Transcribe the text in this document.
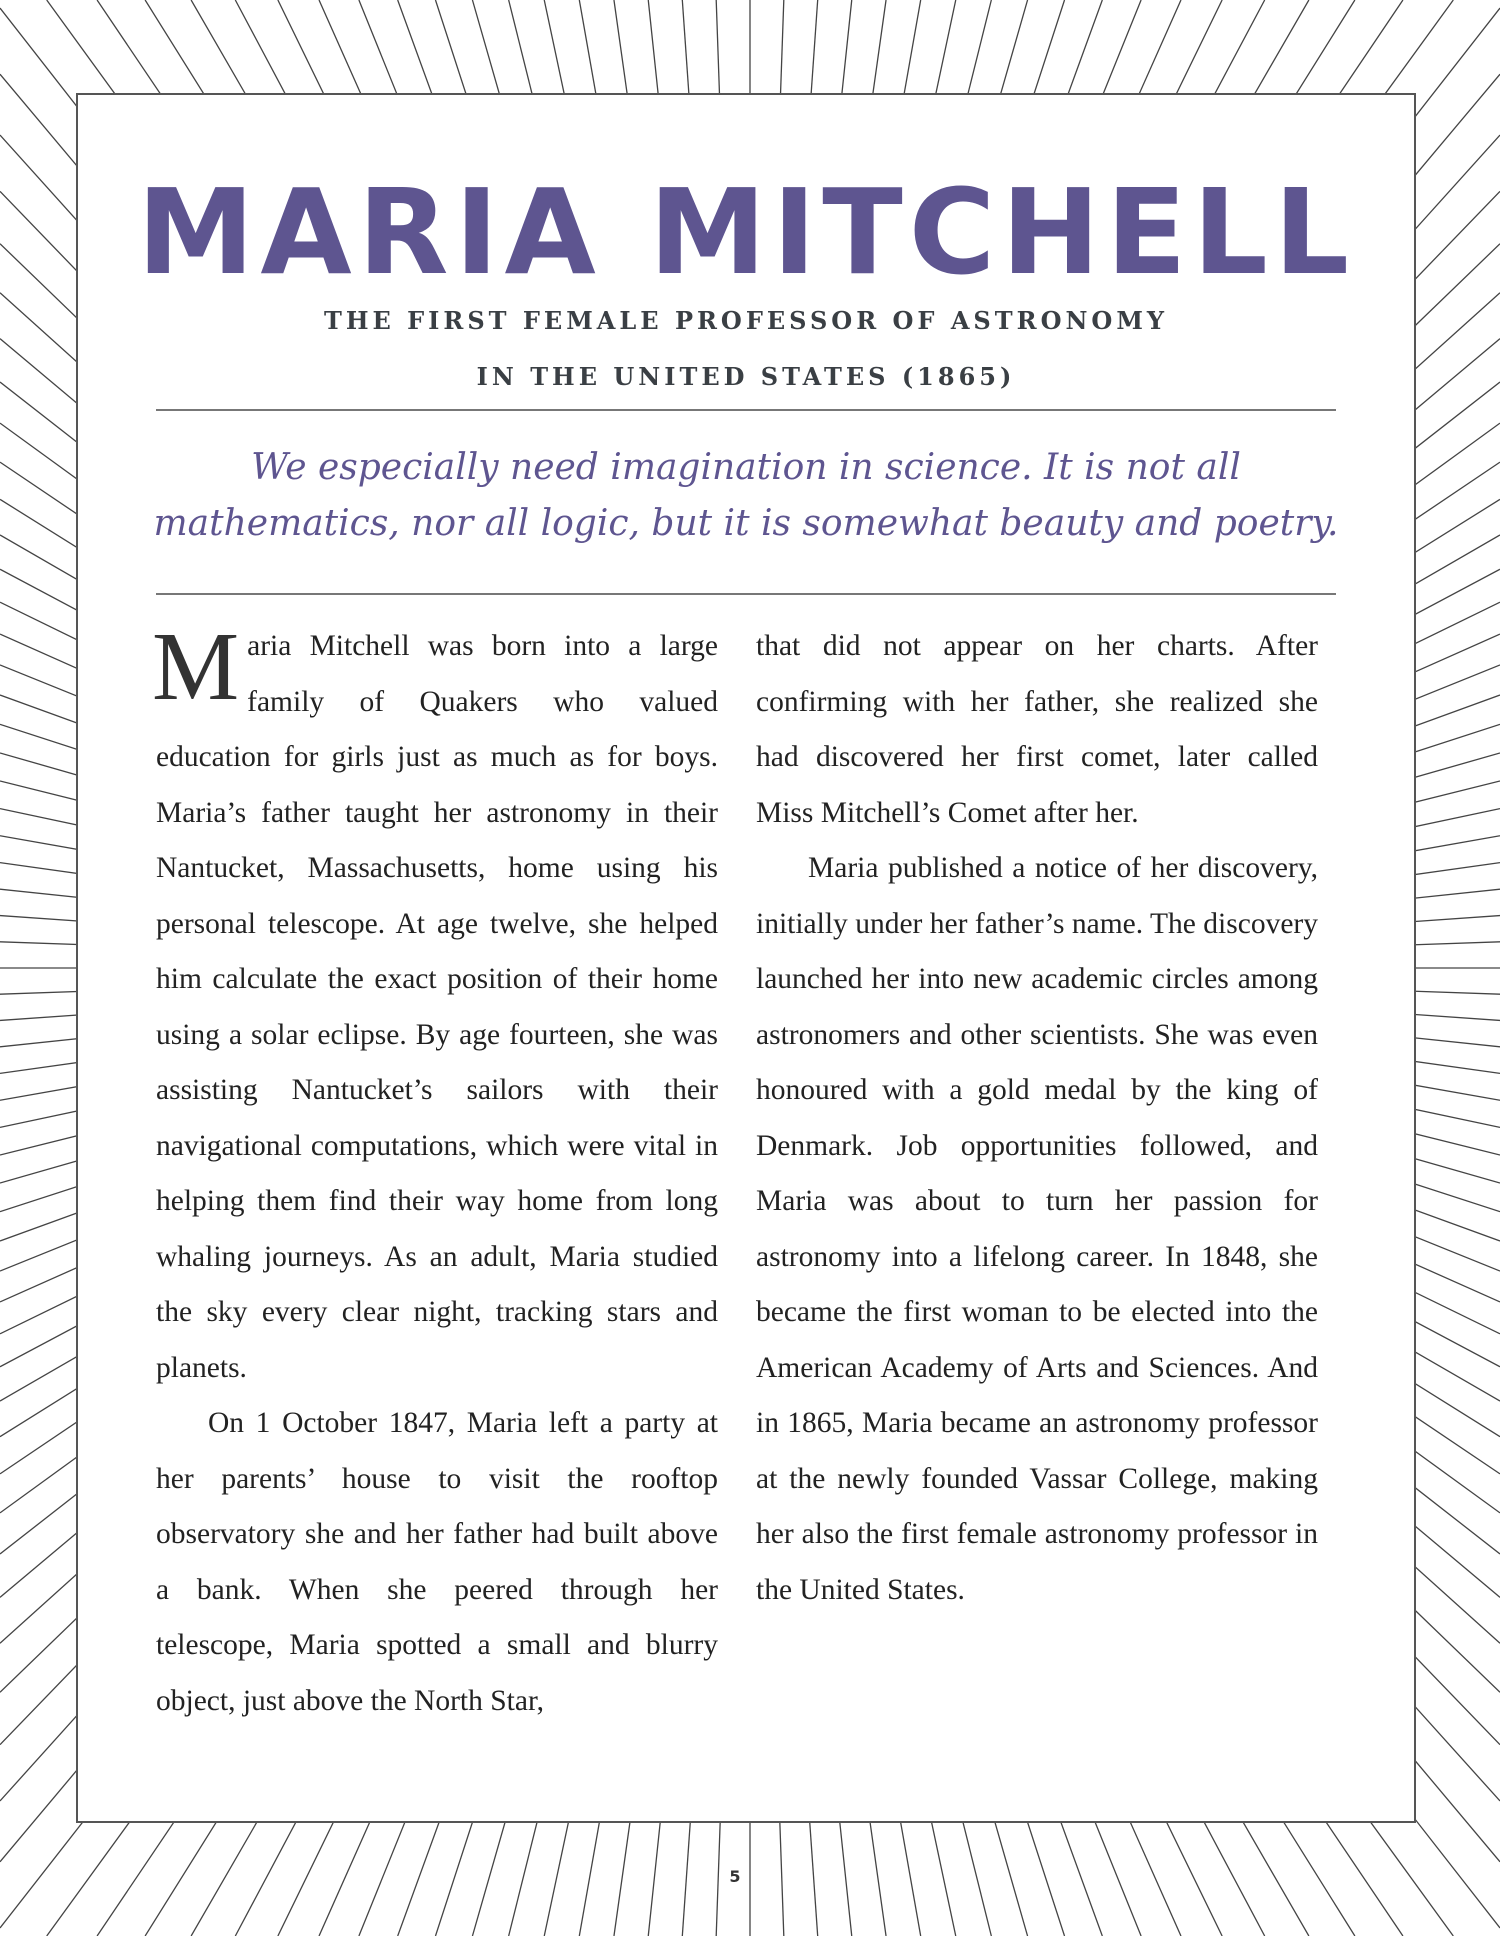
MARIA MITCHELL
THE FIRST FEMALE PROFESSOR OF ASTRONOMY
IN THE UNITED STATES (1865)

We especially need imagination in science. It is not all mathematics, nor all logic, but it is somewhat beauty and poetry.

Maria Mitchell was born into a large family of Quakers who valued education for girls just as much as for boys. Maria’s father taught her astronomy in their Nantucket, Massachusetts, home using his personal telescope. At age twelve, she helped him calculate the exact position of their home using a solar eclipse. By age fourteen, she was assisting Nantucket’s sailors with their navigational computations, which were vital in helping them find their way home from long whaling journeys. As an adult, Maria studied the sky every clear night, tracking stars and planets.

On 1 October 1847, Maria left a party at her parents’ house to visit the rooftop observatory she and her father had built above a bank. When she peered through her telescope, Maria spotted a small and blurry object, just above the North Star,

that did not appear on her charts. After confirming with her father, she realized she had discovered her first comet, later called Miss Mitchell’s Comet after her.

Maria published a notice of her discovery, initially under her father’s name. The discovery launched her into new academic circles among astronomers and other scientists. She was even honoured with a gold medal by the king of Denmark. Job opportunities followed, and Maria was about to turn her passion for astronomy into a lifelong career. In 1848, she became the first woman to be elected into the American Academy of Arts and Sciences. And in 1865, Maria became an astronomy professor at the newly founded Vassar College, making her also the first female astronomy professor in the United States.

5
